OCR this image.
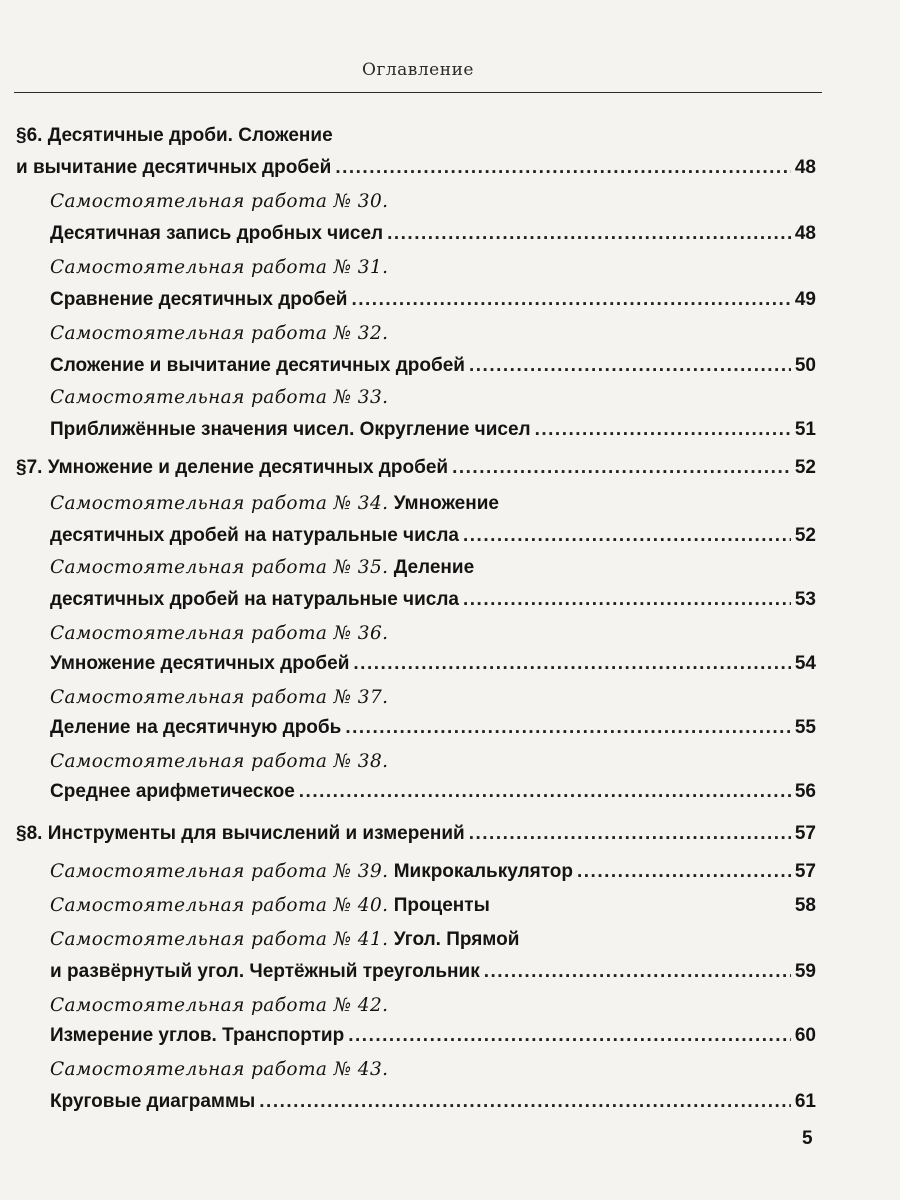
Оглавление
§6. Десятичные дроби. Сложение
и вычитание десятичных дробей .....	48
Самостоятельная работа № 30.
Десятичная запись дробных чисел .....	48
Самостоятельная работа № 31.
Сравнение десятичных дробей .....	49
Самостоятельная работа № 32.
Сложение и вычитание десятичных дробей .....	50
Самостоятельная работа № 33.
Приближённые значения чисел. Округление чисел .....	51
§7. Умножение и деление десятичных дробей .....	52
Самостоятельная работа № 34. Умножение
десятичных дробей на натуральные числа .....	52
Самостоятельная работа № 35. Деление
десятичных дробей на натуральные числа .....	53
Самостоятельная работа № 36.
Умножение десятичных дробей .....	54
Самостоятельная работа № 37.
Деление на десятичную дробь .....	55
Самостоятельная работа № 38.
Среднее арифметическое .....	56
§8. Инструменты для вычислений и измерений .....	57
Самостоятельная работа № 39.
Микрокалькулятор .....	57
Самостоятельная работа № 40.
Проценты	58
Самостоятельная работа № 41. Угол. Прямой
и развёрнутый угол. Чертёжный треугольник .....	59
Самостоятельная работа № 42.
Измерение углов. Транспортир .....	60
Самостоятельная работа № 43.
Круговые диаграммы .....	61
5
